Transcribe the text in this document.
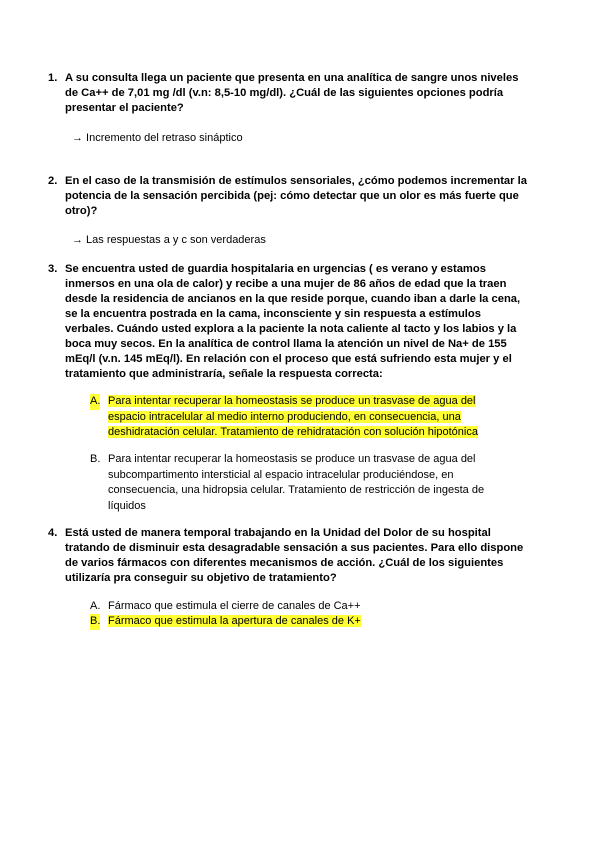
1. A su consulta llega un paciente que presenta en una analítica de sangre unos niveles de Ca++ de 7,01 mg /dl (v.n: 8,5-10 mg/dl). ¿Cuál de las siguientes opciones podría presentar el paciente?
→ Incremento del retraso sináptico
2. En el caso de la transmisión de estímulos sensoriales, ¿cómo podemos incrementar la potencia de la sensación percibida (pej: cómo detectar que un olor es más fuerte que otro)?
→ Las respuestas a y c son verdaderas
3. Se encuentra usted de guardia hospitalaria en urgencias ( es verano y estamos inmersos en una ola de calor) y recibe a una mujer de 86 años de edad que la traen desde la residencia de ancianos en la que reside porque, cuando iban a darle la cena, se la encuentra postrada en la cama, inconsciente y sin respuesta a estímulos verbales. Cuándo usted explora a la paciente la nota caliente al tacto y los labios y la boca muy secos. En la analítica de control llama la atención un nivel de Na+ de 155 mEq/l (v.n. 145 mEq/l). En relación con el proceso que está sufriendo esta mujer y el tratamiento que administraría, señale la respuesta correcta:
A. Para intentar recuperar la homeostasis se produce un trasvase de agua del espacio intracelular al medio interno produciendo, en consecuencia, una deshidratación celular. Tratamiento de rehidratación con solución hipotónica
B. Para intentar recuperar la homeostasis se produce un trasvase de agua del subcompartimento intersticial al espacio intracelular produciéndose, en consecuencia, una hidropsia celular. Tratamiento de restricción de ingesta de líquidos
4. Está usted de manera temporal trabajando en la Unidad del Dolor de su hospital tratando de disminuir esta desagradable sensación a sus pacientes. Para ello dispone de varios fármacos con diferentes mecanismos de acción. ¿Cuál de los siguientes utilizaría pra conseguir su objetivo de tratamiento?
A. Fármaco que estimula el cierre de canales de Ca++
B. Fármaco que estimula la apertura de canales de K+
